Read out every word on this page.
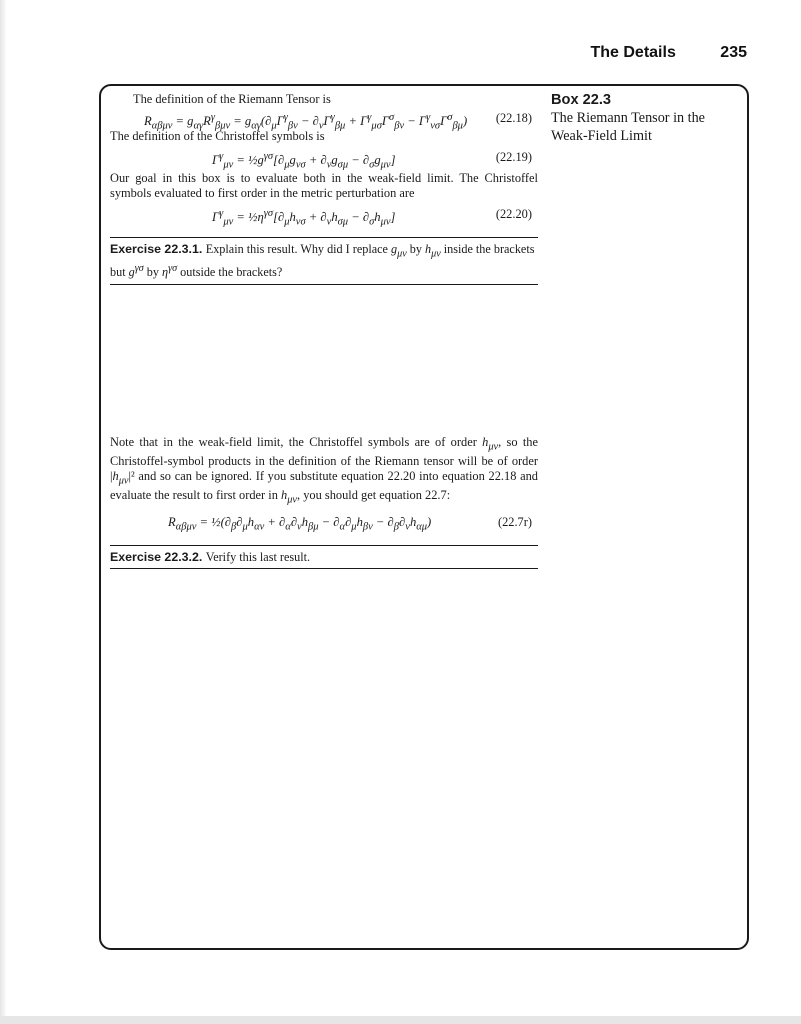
The Details	235
Box 22.3
The Riemann Tensor in the Weak-Field Limit

The definition of the Riemann Tensor is

$R_{\alpha\beta\mu\nu} = g_{\alpha\gamma}R^\gamma_{\beta\mu\nu} = g_{\alpha\gamma}(\partial_\mu\Gamma^\gamma_{\beta\nu} - \partial_\nu\Gamma^\gamma_{\beta\mu} + \Gamma^\gamma_{\mu\sigma}\Gamma^\sigma_{\beta\nu} - \Gamma^\gamma_{\nu\sigma}\Gamma^\sigma_{\beta\mu})$ (22.18)

The definition of the Christoffel symbols is

$\Gamma^\gamma_{\mu\nu}$ = $\frac{1}{2}g^{\gamma\sigma}[\partial_\mu g_{\nu\sigma} + \partial_\nu g_{\sigma\mu} - \partial_\sigma g_{\mu\nu}]$	(22.19)

Our goal in this box is to evaluate both in the weak-field limit. The Christoffel symbols evaluated to first order in the metric perturbation are

$\Gamma^\gamma_{\mu\nu}$ = $\frac{1}{2}\eta^{\gamma\sigma}[\partial_\mu h_{\nu\sigma} + \partial_\nu h_{\sigma\mu} - \partial_\sigma h_{\mu\nu}]$	(22.20)
Exercise 22.3.1. Explain this result. Why did I replace $g_{\mu\nu}$ by $h_{\mu\nu}$ inside the brackets but $g^{\gamma\sigma}$ by $\eta^{\gamma\sigma}$ outside the brackets?

Note that in the weak-field limit, the Christoffel symbols are of order $h_{\mu\nu}$, so the Christoffel-symbol products in the definition of the Riemann tensor will be of order $|h_{\mu\nu}|^2$ and so can be ignored. If you substitute equation 22.20 into equation 22.18 and evaluate the result to first order in $h_{\mu\nu}$, you should get equation 22.7:

$R_{\alpha\beta\mu\nu}$ = $\frac{1}{2}(\partial_\beta\partial_\mu h_{\alpha\nu} + \partial_\alpha\partial_\nu h_{\beta\mu} - \partial_\alpha\partial_\mu h_{\beta\nu} - \partial_\beta\partial_\nu h_{\alpha\mu})$	(22.7r)
Exercise 22.3.2. Verify this last result.
